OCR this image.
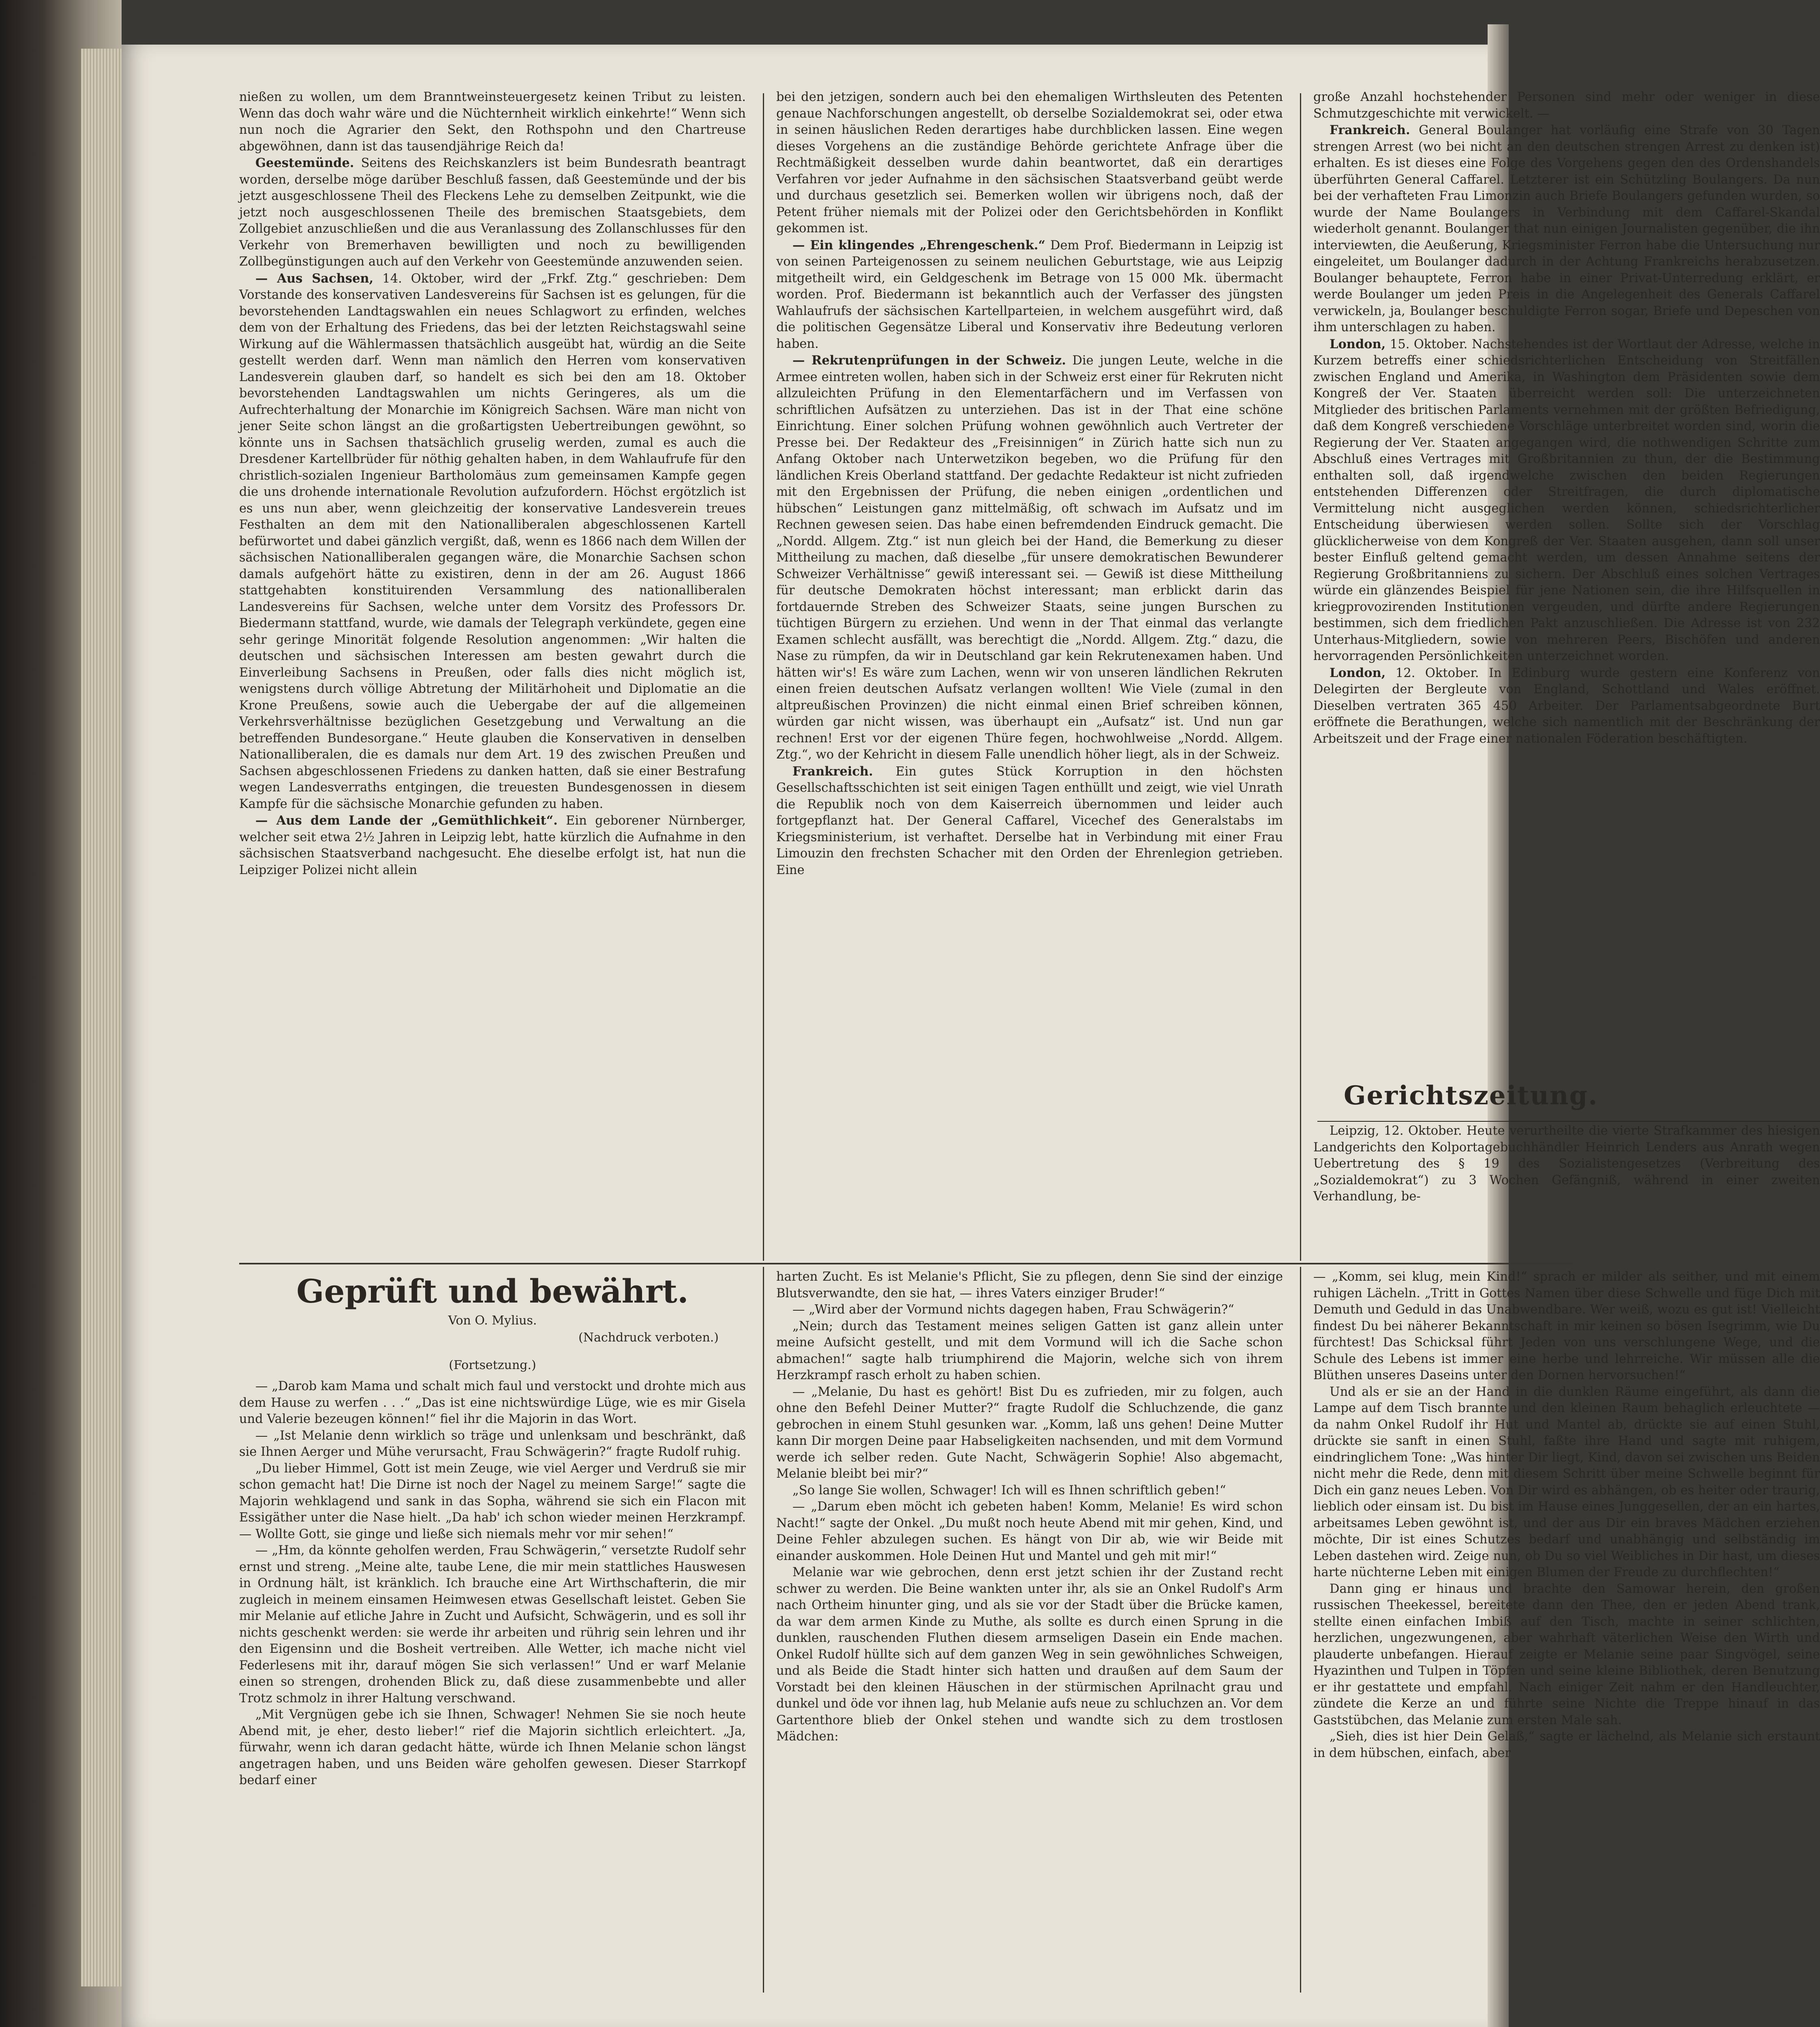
nießen zu wollen, um dem Branntweinsteuergesetz keinen Tribut zu leisten. Wenn das doch wahr wäre und die Nüchternheit wirklich einkehrte!“ Wenn sich nun noch die Agrarier den Sekt, den Rothspohn und den Chartreuse abgewöhnen, dann ist das tausendjährige Reich da!

Geestemünde. Seitens des Reichskanzlers ist beim Bundesrath beantragt worden, derselbe möge darüber Beschluß fassen, daß Geestemünde und der bis jetzt ausgeschlossene Theil des Fleckens Lehe zu demselben Zeitpunkt, wie die jetzt noch ausgeschlossenen Theile des bremischen Staatsgebiets, dem Zollgebiet anzuschließen und die aus Veranlassung des Zollanschlusses für den Verkehr von Bremerhaven bewilligten und noch zu bewilligenden Zollbegünstigungen auch auf den Verkehr von Geestemünde anzuwenden seien.

— Aus Sachsen, 14. Oktober, wird der „Frkf. Ztg.“ geschrieben: Dem Vorstande des konservativen Landesvereins für Sachsen ist es gelungen, für die bevorstehenden Landtagswahlen ein neues Schlagwort zu erfinden, welches dem von der Erhaltung des Friedens, das bei der letzten Reichstagswahl seine Wirkung auf die Wählermassen thatsächlich ausgeübt hat, würdig an die Seite gestellt werden darf. Wenn man nämlich den Herren vom konservativen Landesverein glauben darf, so handelt es sich bei den am 18. Oktober bevorstehenden Landtagswahlen um nichts Geringeres, als um die Aufrechterhaltung der Monarchie im Königreich Sachsen. Wäre man nicht von jener Seite schon längst an die großartigsten Uebertreibungen gewöhnt, so könnte uns in Sachsen thatsächlich gruselig werden, zumal es auch die Dresdener Kartellbrüder für nöthig gehalten haben, in dem Wahlaufrufe für den christlich-sozialen Ingenieur Bartholomäus zum gemeinsamen Kampfe gegen die uns drohende internationale Revolution aufzufordern. Höchst ergötzlich ist es uns nun aber, wenn gleichzeitig der konservative Landesverein treues Festhalten an dem mit den Nationalliberalen abgeschlossenen Kartell befürwortet und dabei gänzlich vergißt, daß, wenn es 1866 nach dem Willen der sächsischen Nationalliberalen gegangen wäre, die Monarchie Sachsen schon damals aufgehört hätte zu existiren, denn in der am 26. August 1866 stattgehabten konstituirenden Versammlung des nationalliberalen Landesvereins für Sachsen, welche unter dem Vorsitz des Professors Dr. Biedermann stattfand, wurde, wie damals der Telegraph verkündete, gegen eine sehr geringe Minorität folgende Resolution angenommen: „Wir halten die deutschen und sächsischen Interessen am besten gewahrt durch die Einverleibung Sachsens in Preußen, oder falls dies nicht möglich ist, wenigstens durch völlige Abtretung der Militärhoheit und Diplomatie an die Krone Preußens, sowie auch die Uebergabe der auf die allgemeinen Verkehrsverhältnisse bezüglichen Gesetzgebung und Verwaltung an die betreffenden Bundesorgane.“ Heute glauben die Konservativen in denselben Nationalliberalen, die es damals nur dem Art. 19 des zwischen Preußen und Sachsen abgeschlossenen Friedens zu danken hatten, daß sie einer Bestrafung wegen Landesverraths entgingen, die treuesten Bundesgenossen in diesem Kampfe für die sächsische Monarchie gefunden zu haben.

— Aus dem Lande der „Gemüthlichkeit“. Ein geborener Nürnberger, welcher seit etwa 2½ Jahren in Leipzig lebt, hatte kürzlich die Aufnahme in den sächsischen Staatsverband nachgesucht. Ehe dieselbe erfolgt ist, hat nun die Leipziger Polizei nicht allein

bei den jetzigen, sondern auch bei den ehemaligen Wirthsleuten des Petenten genaue Nachforschungen angestellt, ob derselbe Sozialdemokrat sei, oder etwa in seinen häuslichen Reden derartiges habe durchblicken lassen. Eine wegen dieses Vorgehens an die zuständige Behörde gerichtete Anfrage über die Rechtmäßigkeit desselben wurde dahin beantwortet, daß ein derartiges Verfahren vor jeder Aufnahme in den sächsischen Staatsverband geübt werde und durchaus gesetzlich sei. Bemerken wollen wir übrigens noch, daß der Petent früher niemals mit der Polizei oder den Gerichtsbehörden in Konflikt gekommen ist.

— Ein klingendes „Ehrengeschenk.“ Dem Prof. Biedermann in Leipzig ist von seinen Parteigenossen zu seinem neulichen Geburtstage, wie aus Leipzig mitgetheilt wird, ein Geldgeschenk im Betrage von 15 000 Mk. übermacht worden. Prof. Biedermann ist bekanntlich auch der Verfasser des jüngsten Wahlaufrufs der sächsischen Kartellparteien, in welchem ausgeführt wird, daß die politischen Gegensätze Liberal und Konservativ ihre Bedeutung verloren haben.

— Rekrutenprüfungen in der Schweiz. Die jungen Leute, welche in die Armee eintreten wollen, haben sich in der Schweiz erst einer für Rekruten nicht allzuleichten Prüfung in den Elementarfächern und im Verfassen von schriftlichen Aufsätzen zu unterziehen. Das ist in der That eine schöne Einrichtung. Einer solchen Prüfung wohnen gewöhnlich auch Vertreter der Presse bei. Der Redakteur des „Freisinnigen“ in Zürich hatte sich nun zu Anfang Oktober nach Unterwetzikon begeben, wo die Prüfung für den ländlichen Kreis Oberland stattfand. Der gedachte Redakteur ist nicht zufrieden mit den Ergebnissen der Prüfung, die neben einigen „ordentlichen und hübschen“ Leistungen ganz mittelmäßig, oft schwach im Aufsatz und im Rechnen gewesen seien. Das habe einen befremdenden Eindruck gemacht. Die „Nordd. Allgem. Ztg.“ ist nun gleich bei der Hand, die Bemerkung zu dieser Mittheilung zu machen, daß dieselbe „für unsere demokratischen Bewunderer Schweizer Verhältnisse“ gewiß interessant sei. — Gewiß ist diese Mittheilung für deutsche Demokraten höchst interessant; man erblickt darin das fortdauernde Streben des Schweizer Staats, seine jungen Burschen zu tüchtigen Bürgern zu erziehen. Und wenn in der That einmal das verlangte Examen schlecht ausfällt, was berechtigt die „Nordd. Allgem. Ztg.“ dazu, die Nase zu rümpfen, da wir in Deutschland gar kein Rekrutenexamen haben. Und hätten wir's! Es wäre zum Lachen, wenn wir von unseren ländlichen Rekruten einen freien deutschen Aufsatz verlangen wollten! Wie Viele (zumal in den altpreußischen Provinzen) die nicht einmal einen Brief schreiben können, würden gar nicht wissen, was überhaupt ein „Aufsatz“ ist. Und nun gar rechnen! Erst vor der eigenen Thüre fegen, hochwohlweise „Nordd. Allgem. Ztg.“, wo der Kehricht in diesem Falle unendlich höher liegt, als in der Schweiz.

Frankreich. Ein gutes Stück Korruption in den höchsten Gesellschaftsschichten ist seit einigen Tagen enthüllt und zeigt, wie viel Unrath die Republik noch von dem Kaiserreich übernommen und leider auch fortgepflanzt hat. Der General Caffarel, Vicechef des Generalstabs im Kriegsministerium, ist verhaftet. Derselbe hat in Verbindung mit einer Frau Limouzin den frechsten Schacher mit den Orden der Ehrenlegion getrieben. Eine

große Anzahl hochstehender Personen sind mehr oder weniger in diese Schmutzgeschichte mit verwickelt. —

Frankreich. General Boulanger hat vorläufig eine Strafe von 30 Tagen strengen Arrest (wo bei nicht an den deutschen strengen Arrest zu denken ist) erhalten. Es ist dieses eine Folge des Vorgehens gegen den des Ordenshandels überführten General Caffarel. Letzterer ist ein Schützling Boulangers. Da nun bei der verhafteten Frau Limonzin auch Briefe Boulangers gefunden wurden, so wurde der Name Boulangers in Verbindung mit dem Caffarel-Skandal wiederholt genannt. Boulanger that nun einigen Journalisten gegenüber, die ihn interviewten, die Aeußerung, Kriegsminister Ferron habe die Untersuchung nur eingeleitet, um Boulanger dadurch in der Achtung Frankreichs herabzusetzen. Boulanger behauptete, Ferron habe in einer Privat-Unterredung erklärt, er werde Boulanger um jeden Preis in die Angelegenheit des Generals Caffarel verwickeln, ja, Boulanger beschuldigte Ferron sogar, Briefe und Depeschen von ihm unterschlagen zu haben.

London, 15. Oktober. Nachstehendes ist der Wortlaut der Adresse, welche in Kurzem betreffs einer schiedsrichterlichen Entscheidung von Streitfällen zwischen England und Amerika, in Washington dem Präsidenten sowie dem Kongreß der Ver. Staaten überreicht werden soll: Die unterzeichneten Mitglieder des britischen Parlaments vernehmen mit der größten Befriedigung, daß dem Kongreß verschiedene Vorschläge unterbreitet worden sind, worin die Regierung der Ver. Staaten angegangen wird, die nothwendigen Schritte zum Abschluß eines Vertrages mit Großbritannien zu thun, der die Bestimmung enthalten soll, daß irgendwelche zwischen den beiden Regierungen entstehenden Differenzen oder Streitfragen, die durch diplomatische Vermittelung nicht ausgeglichen werden können, schiedsrichterlicher Entscheidung überwiesen werden sollen. Sollte sich der Vorschlag glücklicherweise von dem Kongreß der Ver. Staaten ausgehen, dann soll unser bester Einfluß geltend gemacht werden, um dessen Annahme seitens der Regierung Großbritanniens zu sichern. Der Abschluß eines solchen Vertrages würde ein glänzendes Beispiel für jene Nationen sein, die ihre Hilfsquellen in kriegprovozirenden Institutionen vergeuden, und dürfte andere Regierungen bestimmen, sich dem friedlichen Pakt anzuschließen. Die Adresse ist von 232 Unterhaus-Mitgliedern, sowie von mehreren Peers, Bischöfen und anderen hervorragenden Persönlichkeiten unterzeichnet worden.

London, 12. Oktober. In Edinburg wurde gestern eine Konferenz von Delegirten der Bergleute von England, Schottland und Wales eröffnet. Dieselben vertraten 365 450 Arbeiter. Der Parlamentsabgeordnete Burt eröffnete die Berathungen, welche sich namentlich mit der Beschränkung der Arbeitszeit und der Frage einer nationalen Föderation beschäftigten.

Gerichtszeitung.

Leipzig, 12. Oktober. Heute verurtheilte die vierte Strafkammer des hiesigen Landgerichts den Kolportagebuchhändler Heinrich Lenders aus Anrath wegen Uebertretung des § 19 des Sozialistengesetzes (Verbreitung des „Sozialdemokrat“) zu 3 Wochen Gefängniß, während in einer zweiten Verhandlung, be-

Geprüft und bewährt.
Von O. Mylius.
(Nachdruck verboten.)
(Fortsetzung.)

— „Darob kam Mama und schalt mich faul und verstockt und drohte mich aus dem Hause zu werfen . . .“ „Das ist eine nichtswürdige Lüge, wie es mir Gisela und Valerie bezeugen können!“ fiel ihr die Majorin in das Wort.

— „Ist Melanie denn wirklich so träge und unlenksam und beschränkt, daß sie Ihnen Aerger und Mühe verursacht, Frau Schwägerin?“ fragte Rudolf ruhig.

„Du lieber Himmel, Gott ist mein Zeuge, wie viel Aerger und Verdruß sie mir schon gemacht hat! Die Dirne ist noch der Nagel zu meinem Sarge!“ sagte die Majorin wehklagend und sank in das Sopha, während sie sich ein Flacon mit Essigäther unter die Nase hielt. „Da hab' ich schon wieder meinen Herzkrampf. — Wollte Gott, sie ginge und ließe sich niemals mehr vor mir sehen!“

— „Hm, da könnte geholfen werden, Frau Schwägerin,“ versetzte Rudolf sehr ernst und streng. „Meine alte, taube Lene, die mir mein stattliches Hauswesen in Ordnung hält, ist kränklich. Ich brauche eine Art Wirthschafterin, die mir zugleich in meinem einsamen Heimwesen etwas Gesellschaft leistet. Geben Sie mir Melanie auf etliche Jahre in Zucht und Aufsicht, Schwägerin, und es soll ihr nichts geschenkt werden: sie werde ihr arbeiten und rührig sein lehren und ihr den Eigensinn und die Bosheit vertreiben. Alle Wetter, ich mache nicht viel Federlesens mit ihr, darauf mögen Sie sich verlassen!“ Und er warf Melanie einen so strengen, drohenden Blick zu, daß diese zusammenbebte und aller Trotz schmolz in ihrer Haltung verschwand.

„Mit Vergnügen gebe ich sie Ihnen, Schwager! Nehmen Sie sie noch heute Abend mit, je eher, desto lieber!“ rief die Majorin sichtlich erleichtert. „Ja, fürwahr, wenn ich daran gedacht hätte, würde ich Ihnen Melanie schon längst angetragen haben, und uns Beiden wäre geholfen gewesen. Dieser Starrkopf bedarf einer

harten Zucht. Es ist Melanie's Pflicht, Sie zu pflegen, denn Sie sind der einzige Blutsverwandte, den sie hat, — ihres Vaters einziger Bruder!“

— „Wird aber der Vormund nichts dagegen haben, Frau Schwägerin?“

„Nein; durch das Testament meines seligen Gatten ist ganz allein unter meine Aufsicht gestellt, und mit dem Vormund will ich die Sache schon abmachen!“ sagte halb triumphirend die Majorin, welche sich von ihrem Herzkrampf rasch erholt zu haben schien.

— „Melanie, Du hast es gehört! Bist Du es zufrieden, mir zu folgen, auch ohne den Befehl Deiner Mutter?“ fragte Rudolf die Schluchzende, die ganz gebrochen in einem Stuhl gesunken war. „Komm, laß uns gehen! Deine Mutter kann Dir morgen Deine paar Habseligkeiten nachsenden, und mit dem Vormund werde ich selber reden. Gute Nacht, Schwägerin Sophie! Also abgemacht, Melanie bleibt bei mir?“

„So lange Sie wollen, Schwager! Ich will es Ihnen schriftlich geben!“

— „Darum eben möcht ich gebeten haben! Komm, Melanie! Es wird schon Nacht!“ sagte der Onkel. „Du mußt noch heute Abend mit mir gehen, Kind, und Deine Fehler abzulegen suchen. Es hängt von Dir ab, wie wir Beide mit einander auskommen. Hole Deinen Hut und Mantel und geh mit mir!“

Melanie war wie gebrochen, denn erst jetzt schien ihr der Zustand recht schwer zu werden. Die Beine wankten unter ihr, als sie an Onkel Rudolf's Arm nach Ortheim hinunter ging, und als sie vor der Stadt über die Brücke kamen, da war dem armen Kinde zu Muthe, als sollte es durch einen Sprung in die dunklen, rauschenden Fluthen diesem armseligen Dasein ein Ende machen. Onkel Rudolf hüllte sich auf dem ganzen Weg in sein gewöhnliches Schweigen, und als Beide die Stadt hinter sich hatten und draußen auf dem Saum der Vorstadt bei den kleinen Häuschen in der stürmischen Aprilnacht grau und dunkel und öde vor ihnen lag, hub Melanie aufs neue zu schluchzen an. Vor dem Gartenthore blieb der Onkel stehen und wandte sich zu dem trostlosen Mädchen:

— „Komm, sei klug, mein Kind!“ sprach er milder als seither, und mit einem ruhigen Lächeln. „Tritt in Gottes Namen über diese Schwelle und füge Dich mit Demuth und Geduld in das Unabwendbare. Wer weiß, wozu es gut ist! Vielleicht findest Du bei näherer Bekanntschaft in mir keinen so bösen Isegrimm, wie Du fürchtest! Das Schicksal führt Jeden von uns verschlungene Wege, und die Schule des Lebens ist immer eine herbe und lehrreiche. Wir müssen alle die Blüthen unseres Daseins unter den Dornen hervorsuchen!“

Und als er sie an der Hand in die dunklen Räume eingeführt, als dann die Lampe auf dem Tisch brannte und den kleinen Raum behaglich erleuchtete — da nahm Onkel Rudolf ihr Hut und Mantel ab, drückte sie auf einen Stuhl, drückte sie sanft in einen Stuhl, faßte ihre Hand und sagte mit ruhigem, eindringlichem Tone: „Was hinter Dir liegt, Kind, davon sei zwischen uns Beiden nicht mehr die Rede, denn mit diesem Schritt über meine Schwelle beginnt für Dich ein ganz neues Leben. Von Dir wird es abhängen, ob es heiter oder traurig, lieblich oder einsam ist. Du bist im Hause eines Junggesellen, der an ein hartes, arbeitsames Leben gewöhnt ist, und der aus Dir ein braves Mädchen erziehen möchte, Dir ist eines Schutzes bedarf und unabhängig und selbständig im Leben dastehen wird. Zeige nun, ob Du so viel Weibliches in Dir hast, um dieses harte nüchterne Leben mit einigen Blumen der Freude zu durchflechten!“

Dann ging er hinaus und brachte den Samowar herein, den großen russischen Theekessel, bereitete dann den Thee, den er jeden Abend trank, stellte einen einfachen Imbiß auf den Tisch, machte in seiner schlichten, herzlichen, ungezwungenen, aber wahrhaft väterlichen Weise den Wirth und plauderte unbefangen. Hierauf zeigte er Melanie seine paar Singvögel, seine Hyazinthen und Tulpen in Töpfen und seine kleine Bibliothek, deren Benutzung er ihr gestattete und empfahl. Nach einiger Zeit nahm er den Handleuchter, zündete die Kerze an und führte seine Nichte die Treppe hinauf in das Gaststübchen, das Melanie zum ersten Male sah.

„Sieh, dies ist hier Dein Gelaß,“ sagte er lächelnd, als Melanie sich erstaunt in dem hübschen, einfach, aber
